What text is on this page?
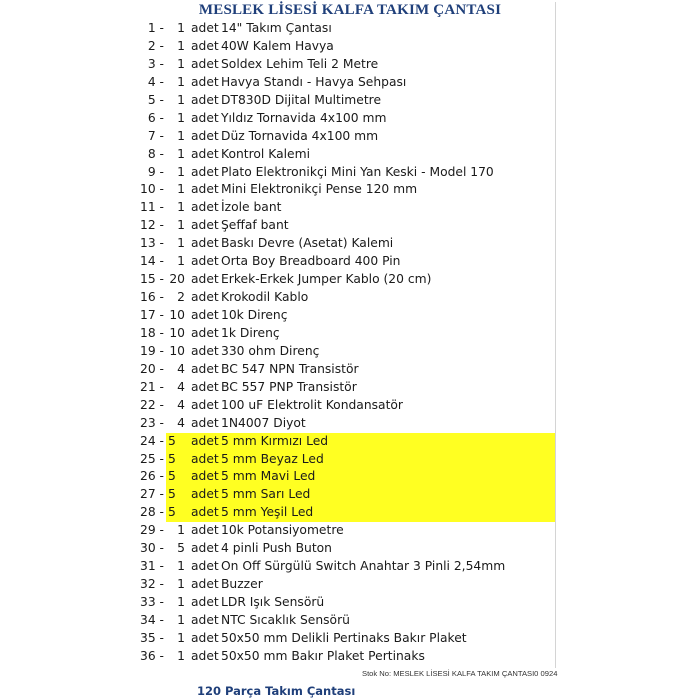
MESLEK LİSESİ KALFA TAKIM ÇANTASI
1 -	1 adet 14" Takım Çantası
2 -	1 adet 40W Kalem Havya
3 -	1 adet Soldex Lehim Teli 2 Metre
4 -	1 adet Havya Standı - Havya Sehpası
5 -	1 adet DT830D Dijital Multimetre
6 -	1 adet Yıldız Tornavida 4x100 mm
7 -	1 adet Düz Tornavida 4x100 mm
8 -	1 adet Kontrol Kalemi
9 -	1 adet Plato Elektronikçi Mini Yan Keski - Model 170
10 -	1 adet Mini Elektronikçi Pense 120 mm
11 -	1 adet İzole bant
12 -	1 adet Şeffaf bant
13 -	1 adet Baskı Devre (Asetat) Kalemi
14 -	1 adet Orta Boy Breadboard 400 Pin
15 - 20 adet Erkek-Erkek Jumper Kablo (20 cm)
16 -	2 adet Krokodil Kablo
17 - 10 adet 10k Direnç
18 - 10 adet 1k Direnç
19 - 10 adet 330 ohm Direnç
20 -	4 adet BC 547 NPN Transistör
21 -	4 adet BC 557 PNP Transistör
22 -	4 adet 100 uF Elektrolit Kondansatör
23 -	4 adet 1N4007 Diyot
24 - 5 adet 5 mm Kırmızı Led
25 - 5 adet 5 mm Beyaz Led
26 - 5 adet 5 mm Mavi Led
27 - 5 adet 5 mm Sarı Led
28 - 5 adet 5 mm Yeşil Led
29 -	1 adet 10k Potansiyometre
30 -	5 adet 4 pinli Push Buton
31 -	1 adet On Off Sürgülü Switch Anahtar 3 Pinli 2,54mm
32 -	1 adet Buzzer
33 -	1 adet LDR Işık Sensörü
34 -	1 adet NTC Sıcaklık Sensörü
35 -	1 adet 50x50 mm Delikli Pertinaks Bakır Plaket
36 -	1 adet 50x50 mm Bakır Plaket Pertinaks
Stok No: MESLEK LİSESİ KALFA TAKIM ÇANTASI0 0924
120 Parça Takım Çantası
